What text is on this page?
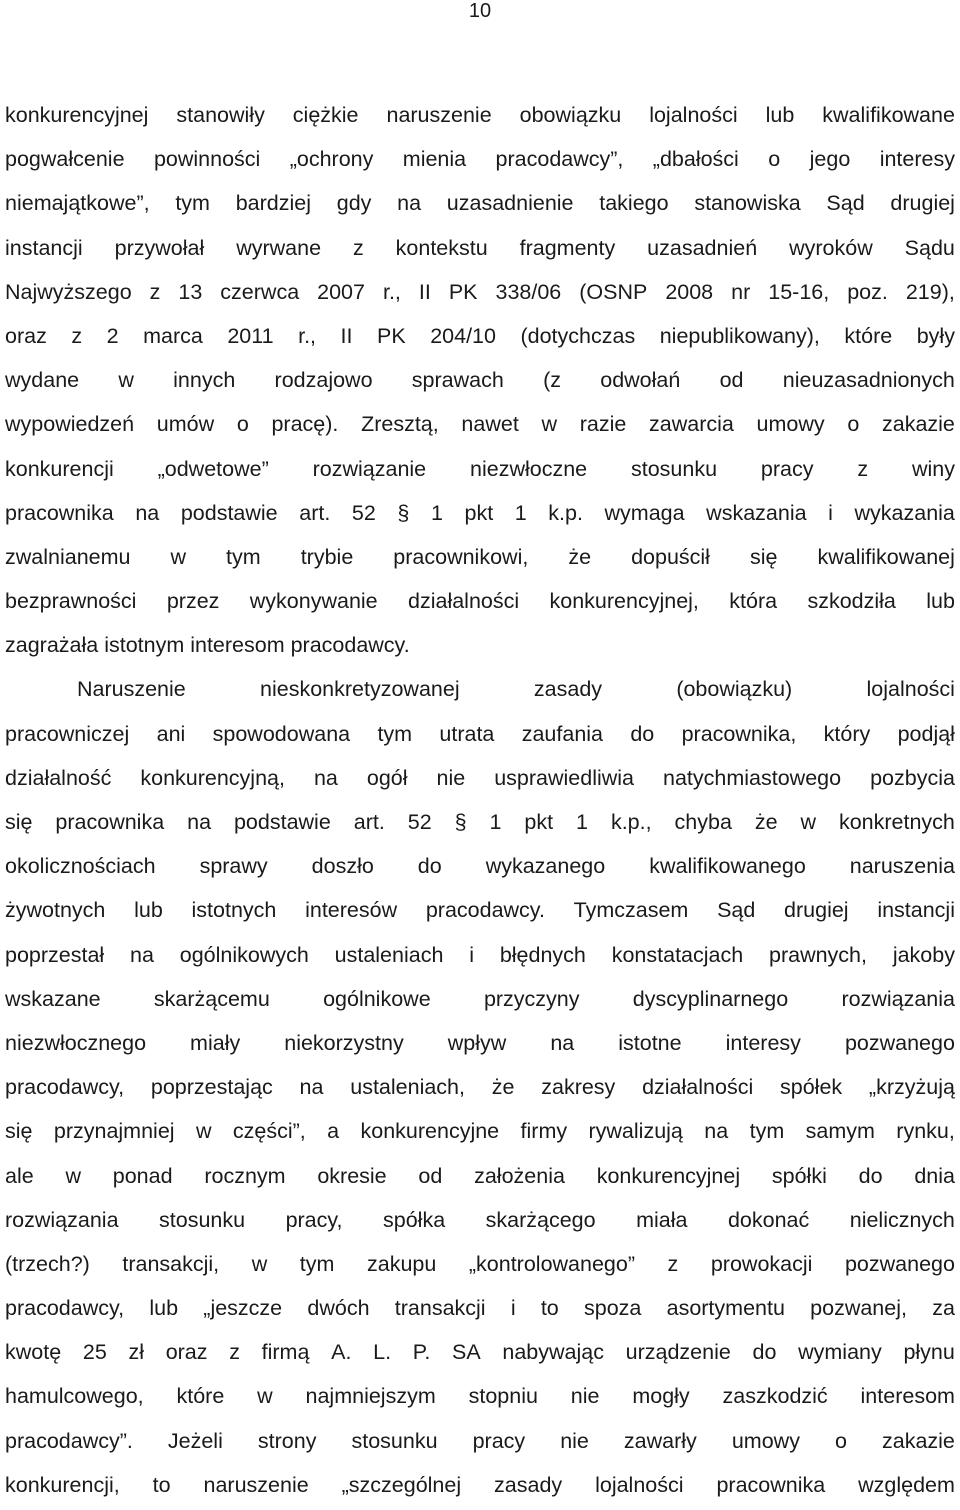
10
konkurencyjnej stanowiły ciężkie naruszenie obowiązku lojalności lub kwalifikowane
pogwałcenie powinności „ochrony mienia pracodawcy”, „dbałości o jego interesy
niemajątkowe”, tym bardziej gdy na uzasadnienie takiego stanowiska Sąd drugiej
instancji przywołał wyrwane z kontekstu fragmenty uzasadnień wyroków Sądu
Najwyższego z 13 czerwca 2007 r., II PK 338/06 (OSNP 2008 nr 15-16, poz. 219),
oraz z 2 marca 2011 r., II PK 204/10 (dotychczas niepublikowany), które były
wydane w innych rodzajowo sprawach (z odwołań od nieuzasadnionych
wypowiedzeń umów o pracę). Zresztą, nawet w razie zawarcia umowy o zakazie
konkurencji „odwetowe” rozwiązanie niezwłoczne stosunku pracy z winy
pracownika na podstawie art. 52 § 1 pkt 1 k.p. wymaga wskazania i wykazania
zwalnianemu w tym trybie pracownikowi, że dopuścił się kwalifikowanej
bezprawności przez wykonywanie działalności konkurencyjnej, która szkodziła lub
zagrażała istotnym interesom pracodawcy.
Naruszenie	nieskonkretyzowanej	zasady	(obowiązku)	lojalności
pracowniczej ani spowodowana tym utrata zaufania do pracownika, który podjął
działalność konkurencyjną, na ogół nie usprawiedliwia natychmiastowego pozbycia
się pracownika na podstawie art. 52 § 1 pkt 1 k.p., chyba że w konkretnych
okolicznościach sprawy doszło do wykazanego kwalifikowanego naruszenia
żywotnych lub istotnych interesów pracodawcy. Tymczasem Sąd drugiej instancji
poprzestał na ogólnikowych ustaleniach i błędnych konstatacjach prawnych, jakoby
wskazane skarżącemu ogólnikowe przyczyny dyscyplinarnego rozwiązania
niezwłocznego miały niekorzystny wpływ na istotne interesy pozwanego
pracodawcy, poprzestając na ustaleniach, że zakresy działalności spółek „krzyżują
się przynajmniej w części”, a konkurencyjne firmy rywalizują na tym samym rynku,
ale w ponad rocznym okresie od założenia konkurencyjnej spółki do dnia
rozwiązania stosunku pracy, spółka skarżącego miała dokonać nielicznych
(trzech?) transakcji, w tym zakupu „kontrolowanego” z prowokacji pozwanego
pracodawcy, lub „jeszcze dwóch transakcji i to spoza asortymentu pozwanej, za
kwotę 25 zł oraz z firmą A. L. P. SA nabywając urządzenie do wymiany płynu
hamulcowego, które w najmniejszym stopniu nie mogły zaszkodzić interesom
pracodawcy”. Jeżeli strony stosunku pracy nie zawarły umowy o zakazie
konkurencji, to naruszenie „szczególnej zasady lojalności pracownika względem
